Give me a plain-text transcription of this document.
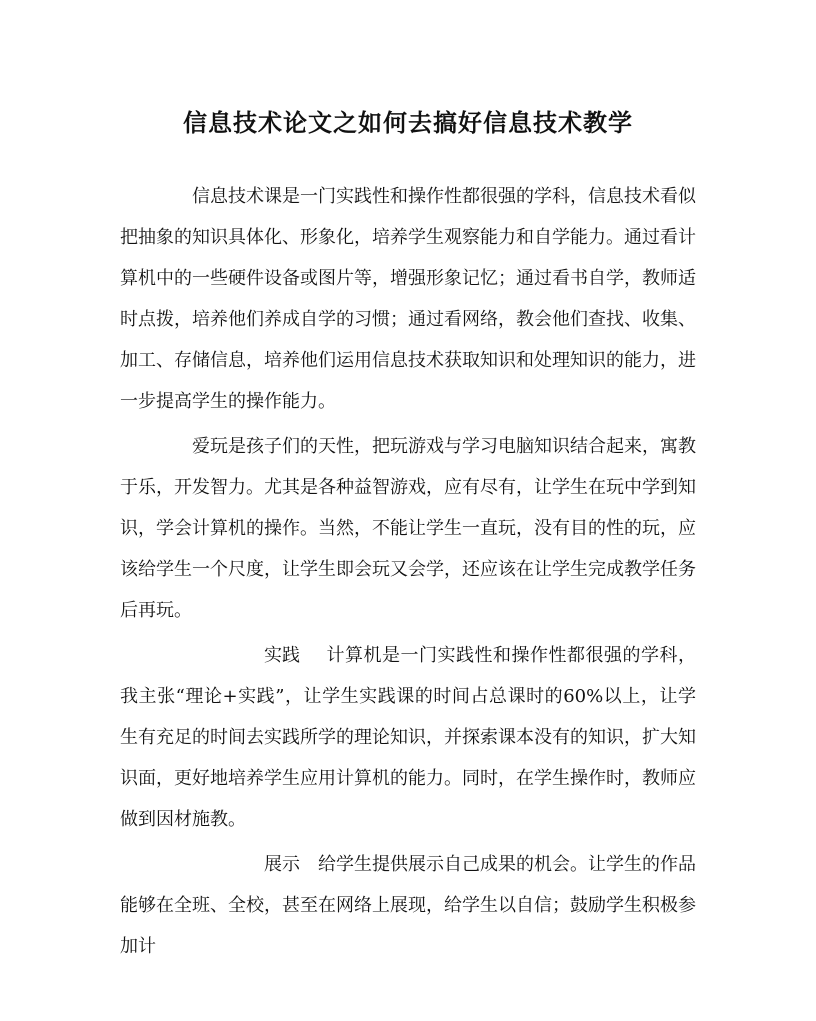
信息技术论文之如何去搞好信息技术教学

信息技术课是一门实践性和操作性都很强的学科，信息技术看似把抽象的知识具体化、形象化，培养学生观察能力和自学能力。通过看计算机中的一些硬件设备或图片等，增强形象记忆；通过看书自学，教师适时点拨，培养他们养成自学的习惯；通过看网络，教会他们查找、收集、加工、存储信息，培养他们运用信息技术获取知识和处理知识的能力，进一步提高学生的操作能力。

爱玩是孩子们的天性，把玩游戏与学习电脑知识结合起来，寓教于乐，开发智力。尤其是各种益智游戏，应有尽有，让学生在玩中学到知识，学会计算机的操作。当然，不能让学生一直玩，没有目的性的玩，应该给学生一个尺度，让学生即会玩又会学，还应该在让学生完成教学任务后再玩。

实践 计算机是一门实践性和操作性都很强的学科，我主张“理论+实践”，让学生实践课的时间占总课时的60%以上，让学生有充足的时间去实践所学的理论知识，并探索课本没有的知识，扩大知识面，更好地培养学生应用计算机的能力。同时，在学生操作时，教师应做到因材施教。

展示 给学生提供展示自己成果的机会。让学生的作品能够在全班、全校，甚至在网络上展现，给学生以自信；鼓励学生积极参加计
